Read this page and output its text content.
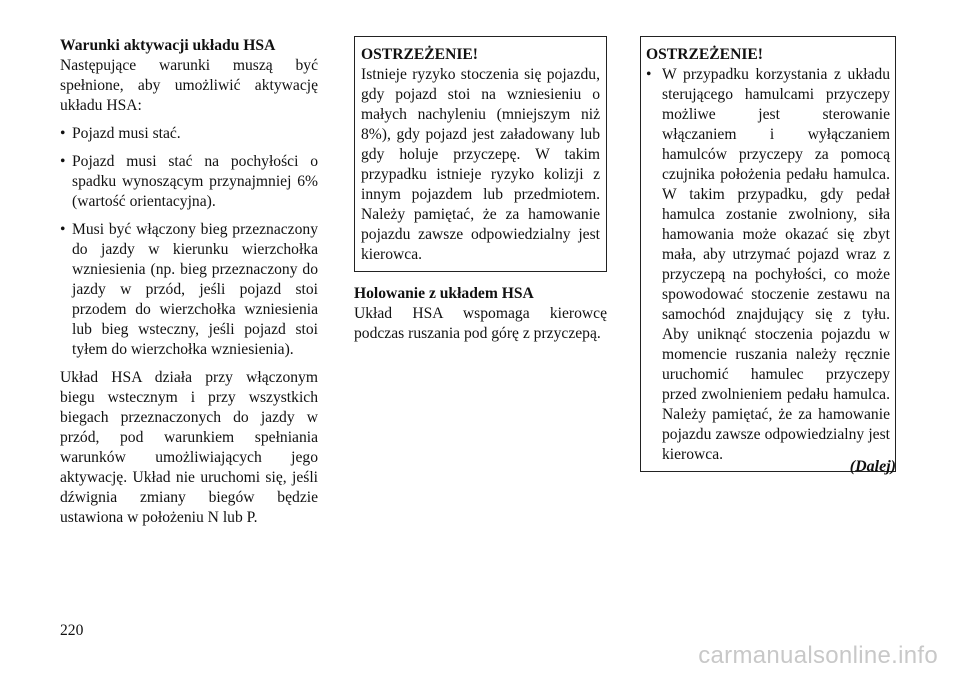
Warunki aktywacji układu HSA
Następujące warunki muszą być spełnione, aby umożliwić aktywację układu HSA:
• Pojazd musi stać.
• Pojazd musi stać na pochyłości o spadku wynoszącym przynajmniej 6% (wartość orientacyjna).
• Musi być włączony bieg przeznaczony do jazdy w kierunku wierzchołka wzniesienia (np. bieg przeznaczony do jazdy w przód, jeśli pojazd stoi przodem do wierzchołka wzniesienia lub bieg wsteczny, jeśli pojazd stoi tyłem do wierzchołka wzniesienia).
Układ HSA działa przy włączonym biegu wstecznym i przy wszystkich biegach przeznaczonych do jazdy w przód, pod warunkiem spełniania warunków umożliwiających jego aktywację. Układ nie uruchomi się, jeśli dźwignia zmiany biegów będzie ustawiona w położeniu N lub P.
OSTRZEŻENIE!
Istnieje ryzyko stoczenia się pojazdu, gdy pojazd stoi na wzniesieniu o małych nachyleniu (mniejszym niż 8%), gdy pojazd jest załadowany lub gdy holuje przyczepę. W takim przypadku istnieje ryzyko kolizji z innym pojazdem lub przedmiotem. Należy pamiętać, że za hamowanie pojazdu zawsze odpowiedzialny jest kierowca.
Holowanie z układem HSA
Układ HSA wspomaga kierowcę podczas ruszania pod górę z przyczepą.
OSTRZEŻENIE!
• W przypadku korzystania z układu sterującego hamulcami przyczepy możliwe jest sterowanie włączaniem i wyłączaniem hamulców przyczepy za pomocą czujnika położenia pedału hamulca. W takim przypadku, gdy pedał hamulca zostanie zwolniony, siła hamowania może okazać się zbyt mała, aby utrzymać pojazd wraz z przyczepą na pochyłości, co może spowodować stoczenie zestawu na samochód znajdujący się z tyłu. Aby uniknąć stoczenia pojazdu w momencie ruszania należy ręcznie uruchomić hamulec przyczepy przed zwolnieniem pedału hamulca. Należy pamiętać, że za hamowanie pojazdu zawsze odpowiedzialny jest kierowca.
(Dalej)
220
carmanualsonline.info
